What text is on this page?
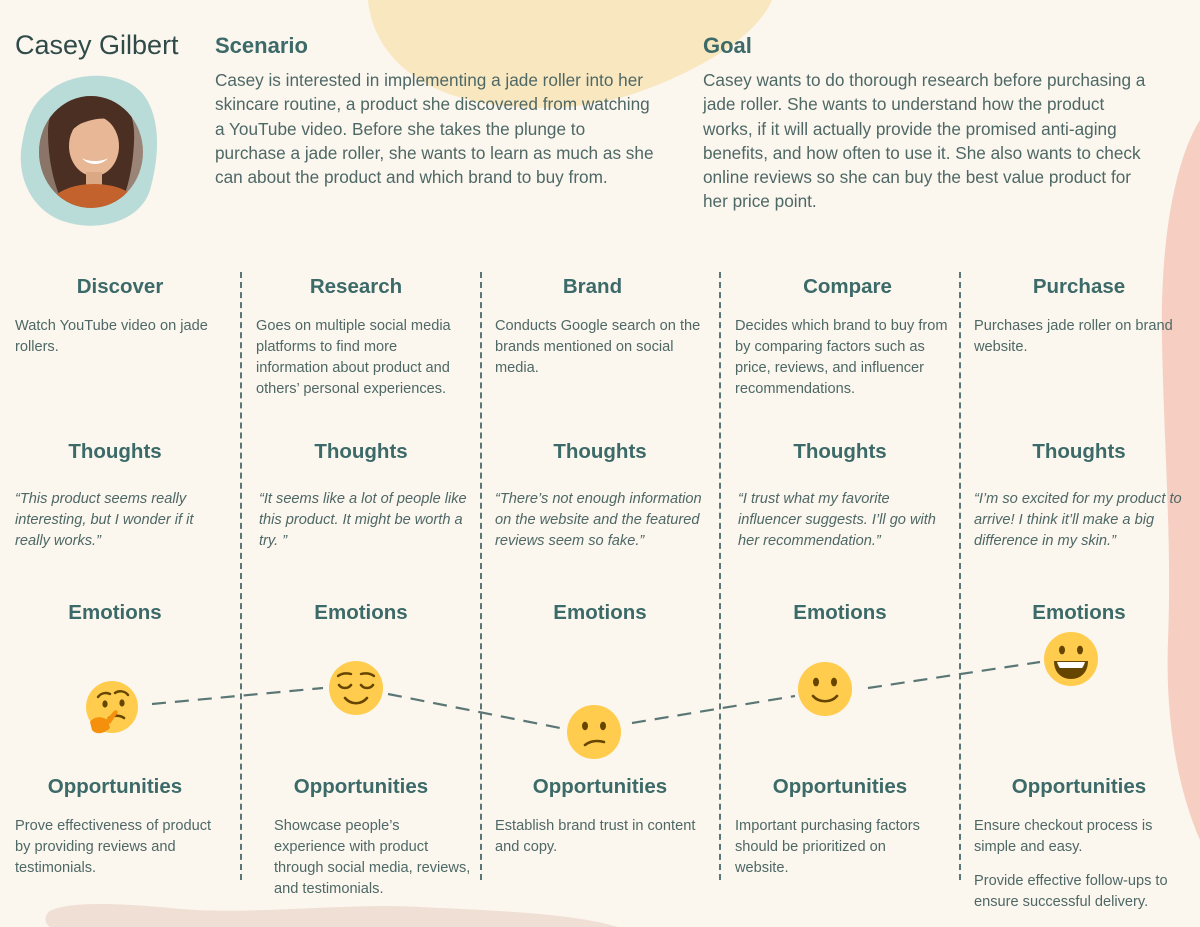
Casey Gilbert Scenario

Casey is interested in implementing a jade roller into her skincare routine, a product she discovered from watching a YouTube video. Before she takes the plunge to purchase a jade roller, she wants to learn as much as she can about the product and which brand to buy from.

Goal

Casey wants to do thorough research before purchasing a jade roller. She wants to understand how the product works, if it will actually provide the promised anti-aging benefits, and how often to use it. She also wants to check online reviews so she can buy the best value product for her price point.

Discover

Watch YouTube video on jade rollers.

Thoughts

“This product seems really interesting, but I wonder if it really works.”

Emotions
Opportunities

Prove effectiveness of product by providing reviews and testimonials.

Research

Goes on multiple social media platforms to find more information about product and others’ personal experiences.

Thoughts

“It seems like a lot of people like this product. It might be worth a try. ”

Emotions
Opportunities

Showcase people’s experience with product through social media, reviews, and testimonials.

Brand

Conducts Google search on the brands mentioned on social media.

Thoughts

“There’s not enough information on the website and the featured reviews seem so fake.”

Emotions
Opportunities

Establish brand trust in content and copy.

Compare

Decides which brand to buy from by comparing factors such as price, reviews, and influencer recommendations.

Thoughts

“I trust what my favorite influencer suggests. I’ll go with her recommendation.”

Emotions
Opportunities

Important purchasing factors should be prioritized on website.

Purchase

Purchases jade roller on brand website.

Thoughts

“I’m so excited for my product to arrive! I think it’ll make a big difference in my skin.”

Emotions
Opportunities

Ensure checkout process is simple and easy.

Provide effective follow-ups to ensure successful delivery.
